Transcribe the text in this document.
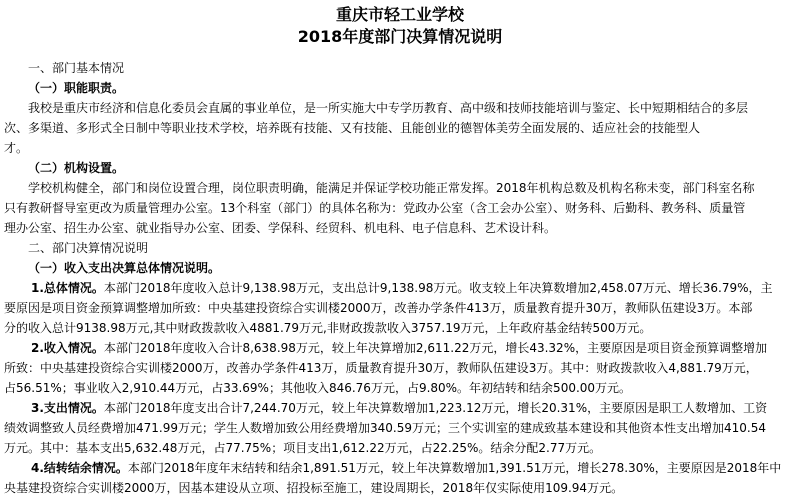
重庆市轻工业学校
2018年度部门决算情况说明

一、部门基本情况

（一）职能职责。

我校是重庆市经济和信息化委员会直属的事业单位，是一所实施大中专学历教育、高中级和技师技能培训与鉴定、长中短期相结合的多层

次、多渠道、多形式全日制中等职业技术学校，培养既有技能、又有技能、且能创业的德智体美劳全面发展的、适应社会的技能型人

才。

（二）机构设置。

学校机构健全，部门和岗位设置合理，岗位职责明确，能满足并保证学校功能正常发挥。2018年机构总数及机构名称未变，部门科室名称

只有教研督导室更改为质量管理办公室。13个科室（部门）的具体名称为：党政办公室（含工会办公室）、财务科、后勤科、教务科、质量管

理办公室、招生办公室、就业指导办公室、团委、学保科、经贸科、机电科、电子信息科、艺术设计科。

二、部门决算情况说明

（一）收入支出决算总体情况说明。

1.总体情况。本部门2018年度收入总计9,138.98万元，支出总计9,138.98万元。收支较上年决算数增加2,458.07万元、增长36.79%，主

要原因是项目资金预算调整增加所致：中央基建投资综合实训楼2000万，改善办学条件413万，质量教育提升30万，教师队伍建设3万。本部

分的收入总计9138.98万元,其中财政拨款收入4881.79万元,非财政拨款收入3757.19万元，上年政府基金结转500万元。

2.收入情况。本部门2018年度收入合计8,638.98万元，较上年决算增加2,611.22万元，增长43.32%，主要原因是项目资金预算调整增加

所致：中央基建投资综合实训楼2000万，改善办学条件413万，质量教育提升30万，教师队伍建设3万。其中：财政拨款收入4,881.79万元，

占56.51%；事业收入2,910.44万元，占33.69%；其他收入846.76万元，占9.80%。年初结转和结余500.00万元。

3.支出情况。本部门2018年度支出合计7,244.70万元，较上年决算数增加1,223.12万元，增长20.31%，主要原因是职工人数增加、工资

绩效调整致人员经费增加471.99万元；学生人数增加致公用经费增加340.59万元；三个实训室的建成致基本建设和其他资本性支出增加410.54

万元。其中：基本支出5,632.48万元，占77.75%；项目支出1,612.22万元，占22.25%。结余分配2.77万元。

4.结转结余情况。本部门2018年度年末结转和结余1,891.51万元，较上年决算数增加1,391.51万元，增长278.30%，主要原因是2018年中

央基建投资综合实训楼2000万，因基本建设从立项、招投标至施工，建设周期长，2018年仅实际使用109.94万元。
